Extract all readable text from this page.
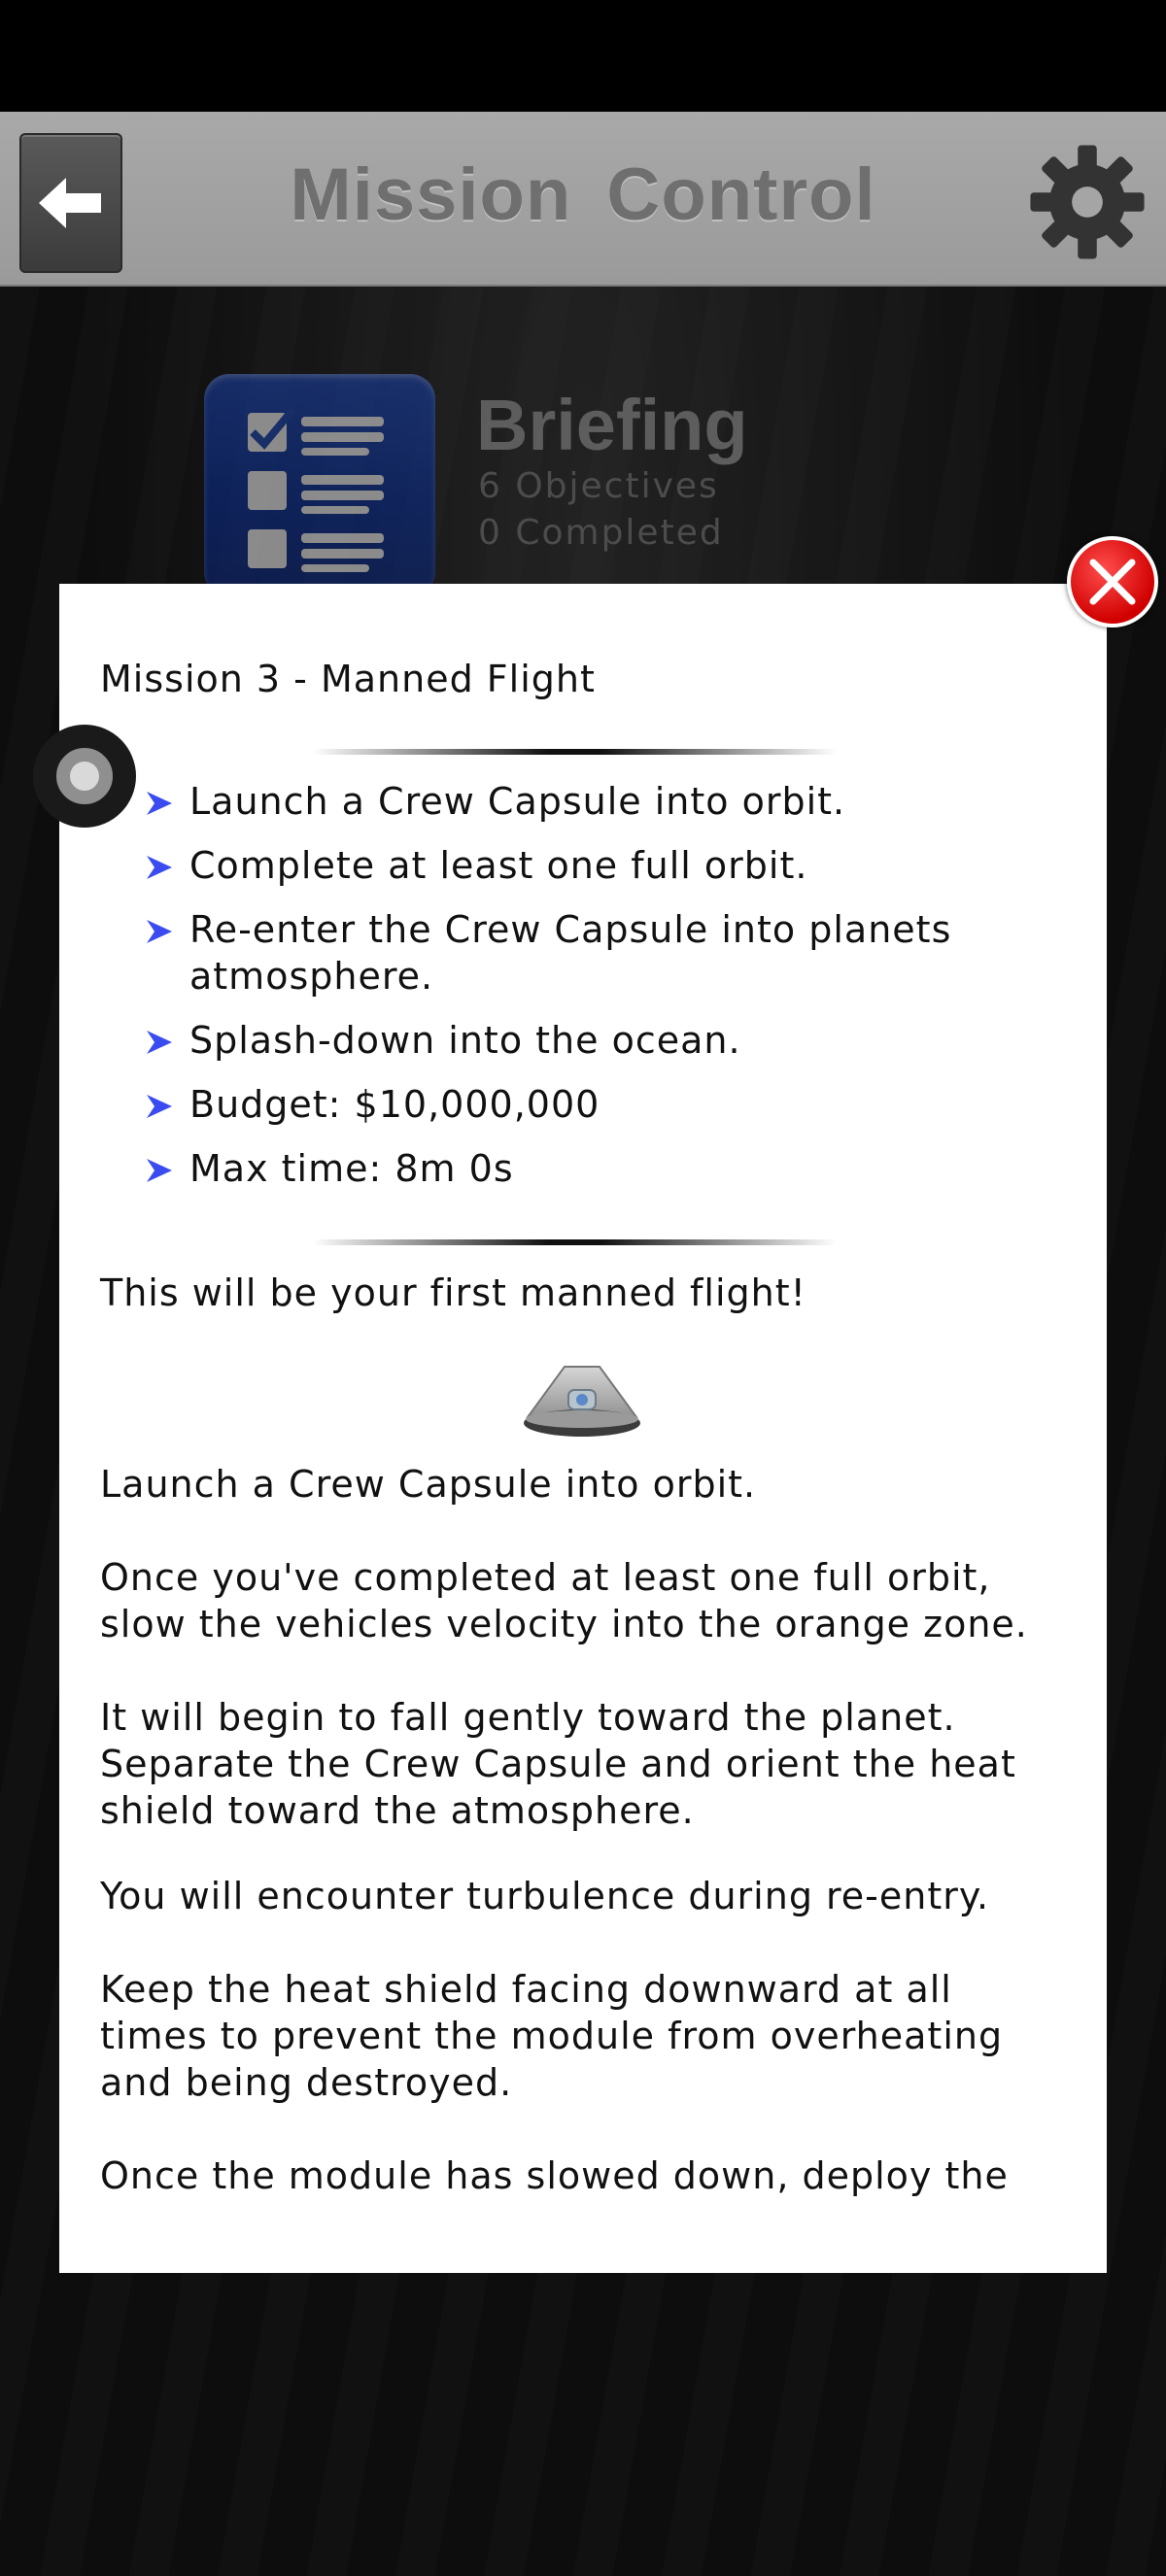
Mission Control
Briefing
6 Objectives
0 Completed
Mission 3 - Manned Flight
Launch a Crew Capsule into orbit.
Complete at least one full orbit.
Re-enter the Crew Capsule into planets atmosphere.
Splash-down into the ocean.
Budget: $10,000,000
Max time: 8m 0s
This will be your first manned flight!
Launch a Crew Capsule into orbit.
Once you've completed at least one full orbit, slow the vehicles velocity into the orange zone.
It will begin to fall gently toward the planet. Separate the Crew Capsule and orient the heat shield toward the atmosphere.
You will encounter turbulence during re-entry.
Keep the heat shield facing downward at all times to prevent the module from overheating and being destroyed.
Once the module has slowed down, deploy the
